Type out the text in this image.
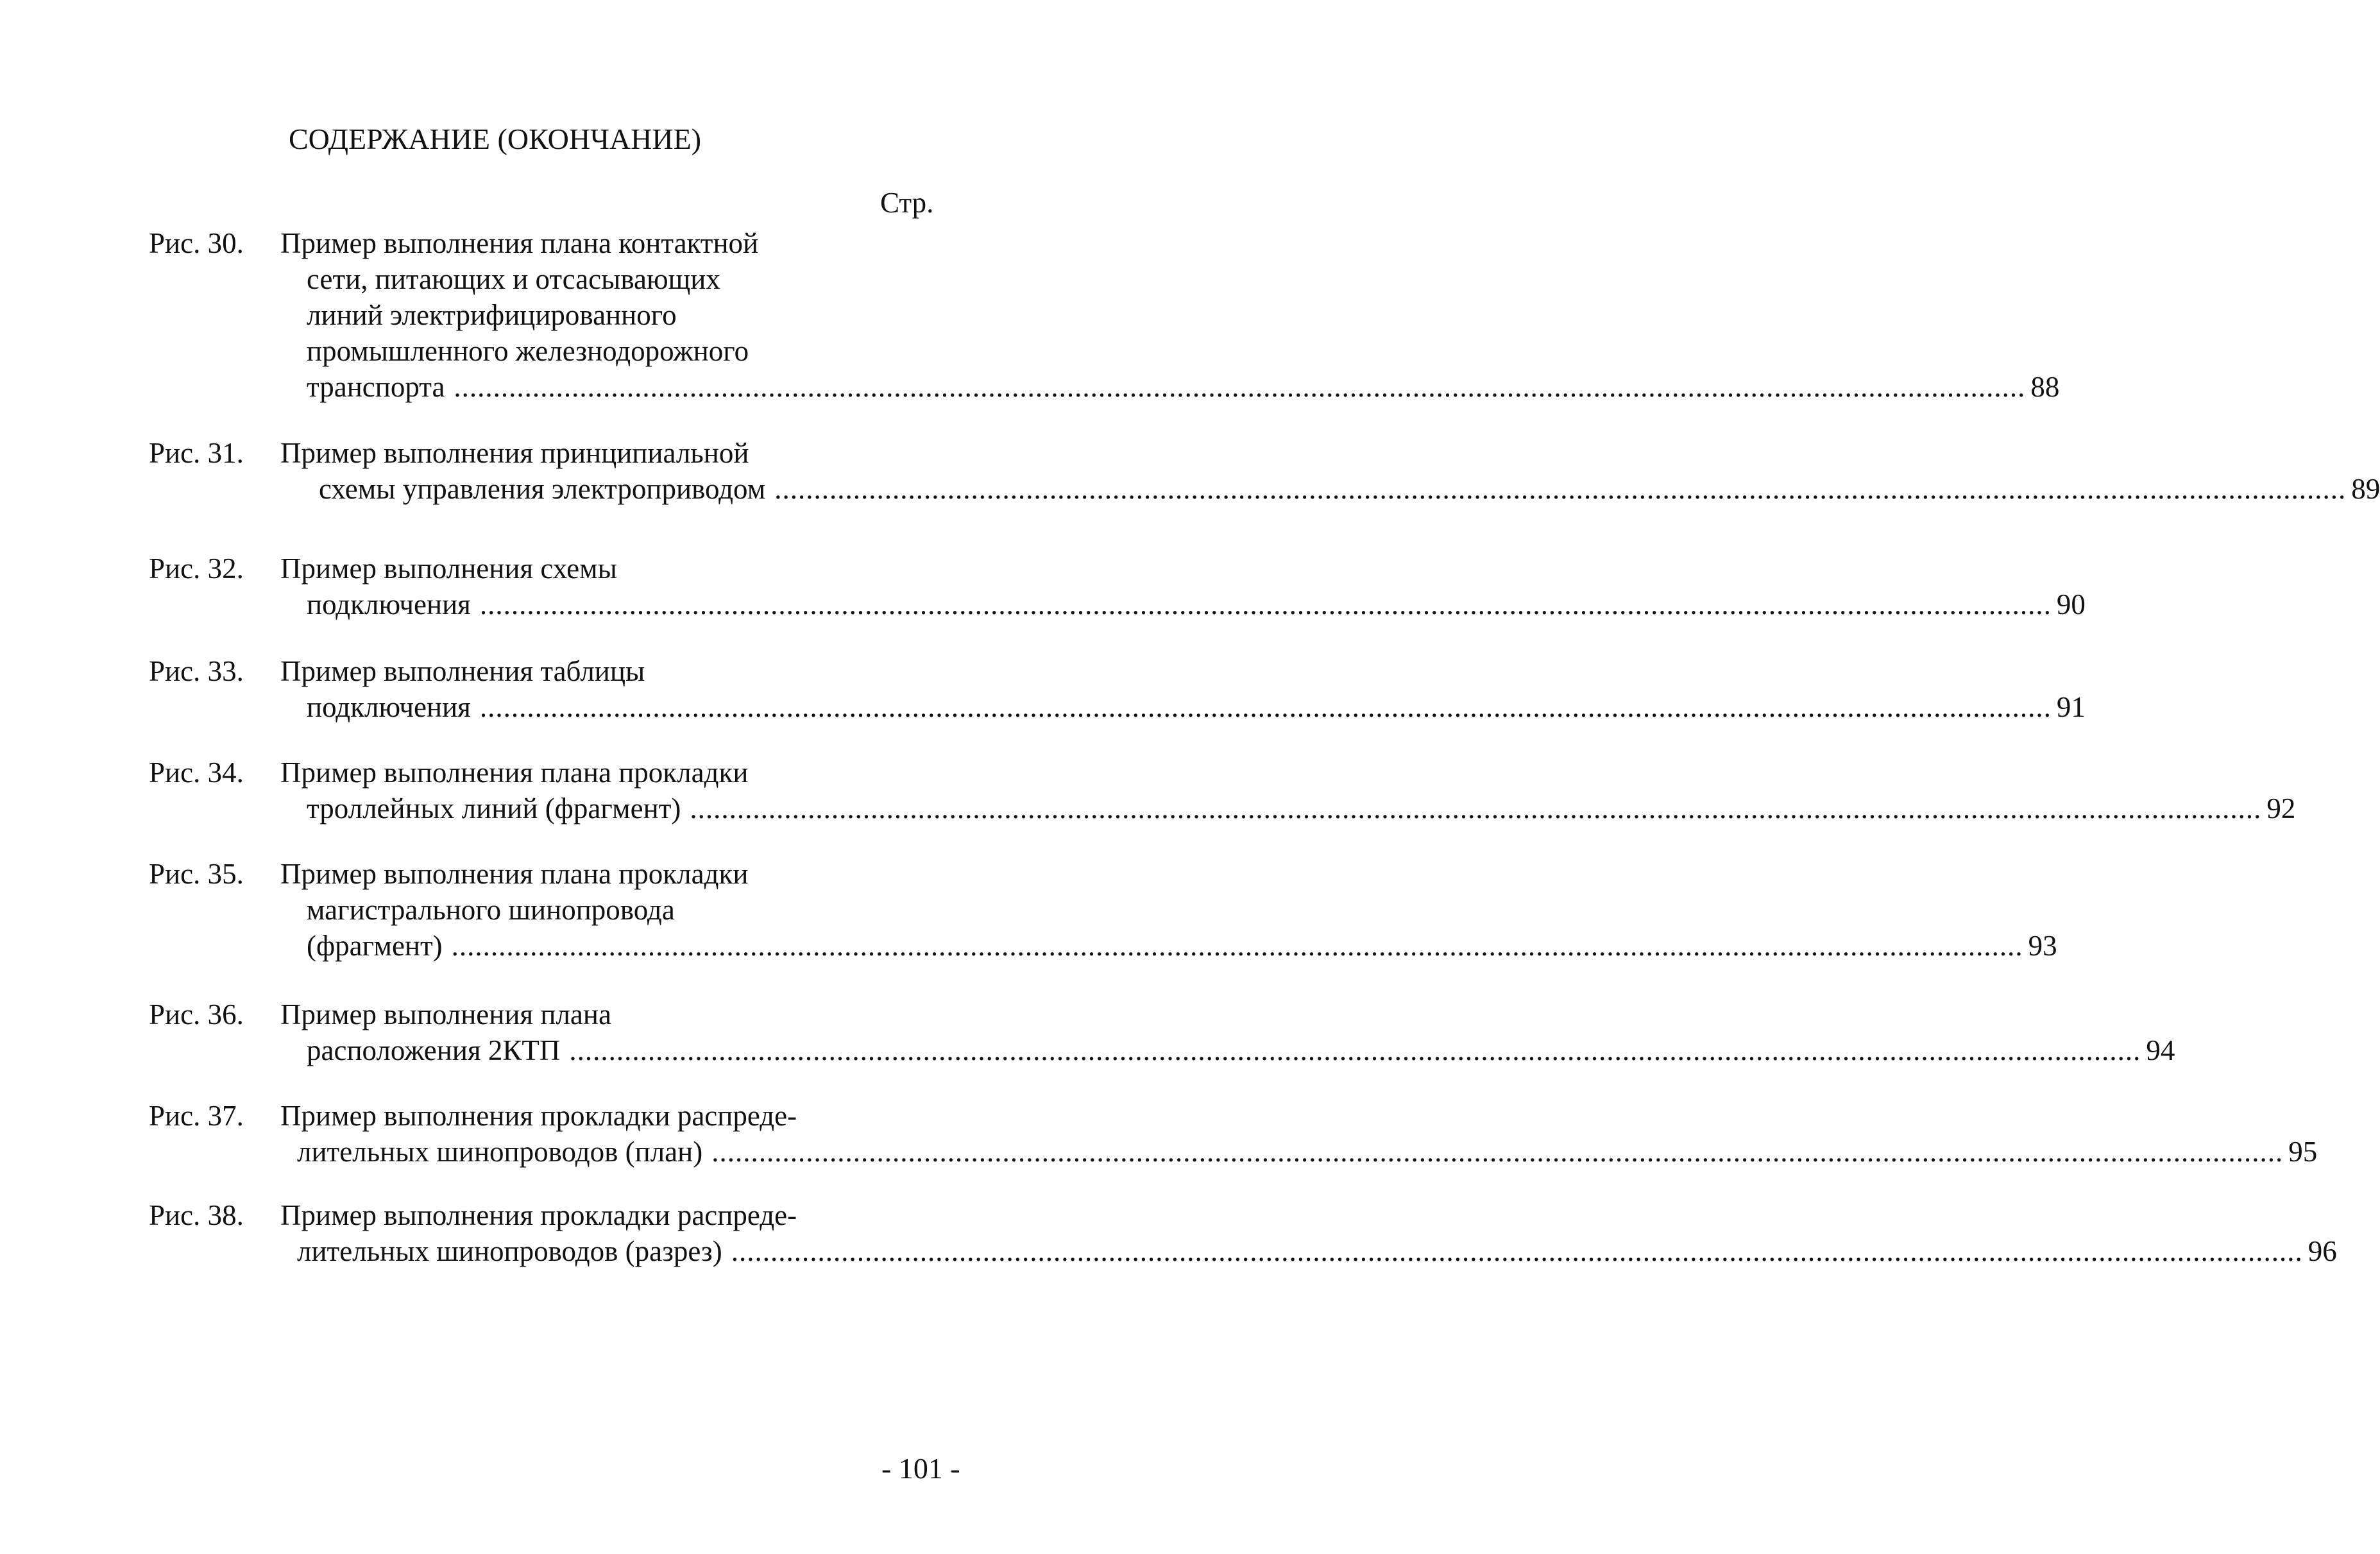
СОДЕРЖАНИЕ (ОКОНЧАНИЕ)
Стр.
Рис. 30. Пример выполнения плана контактной
сети, питающих и отсасывающих
линий электрифицированного
промышленного железнодорожного
транспорта ........................................................................................................................................................................................................ 88
Рис. 31. Пример выполнения принципиальной
схемы управления электроприводом ........................................................................................................................................................................................................ 89
Рис. 32. Пример выполнения схемы
подключения ........................................................................................................................................................................................................ 90
Рис. 33. Пример выполнения таблицы
подключения ........................................................................................................................................................................................................ 91
Рис. 34. Пример выполнения плана прокладки
троллейных линий (фрагмент) ........................................................................................................................................................................................................ 92
Рис. 35. Пример выполнения плана прокладки
магистрального шинопровода
(фрагмент) ........................................................................................................................................................................................................ 93
Рис. 36. Пример выполнения плана
расположения 2КТП ........................................................................................................................................................................................................ 94
Рис. 37. Пример выполнения прокладки распреде-
лительных шинопроводов (план) ........................................................................................................................................................................................................ 95
Рис. 38. Пример выполнения прокладки распреде-
лительных шинопроводов (разрез) ........................................................................................................................................................................................................ 96
- 101 -
